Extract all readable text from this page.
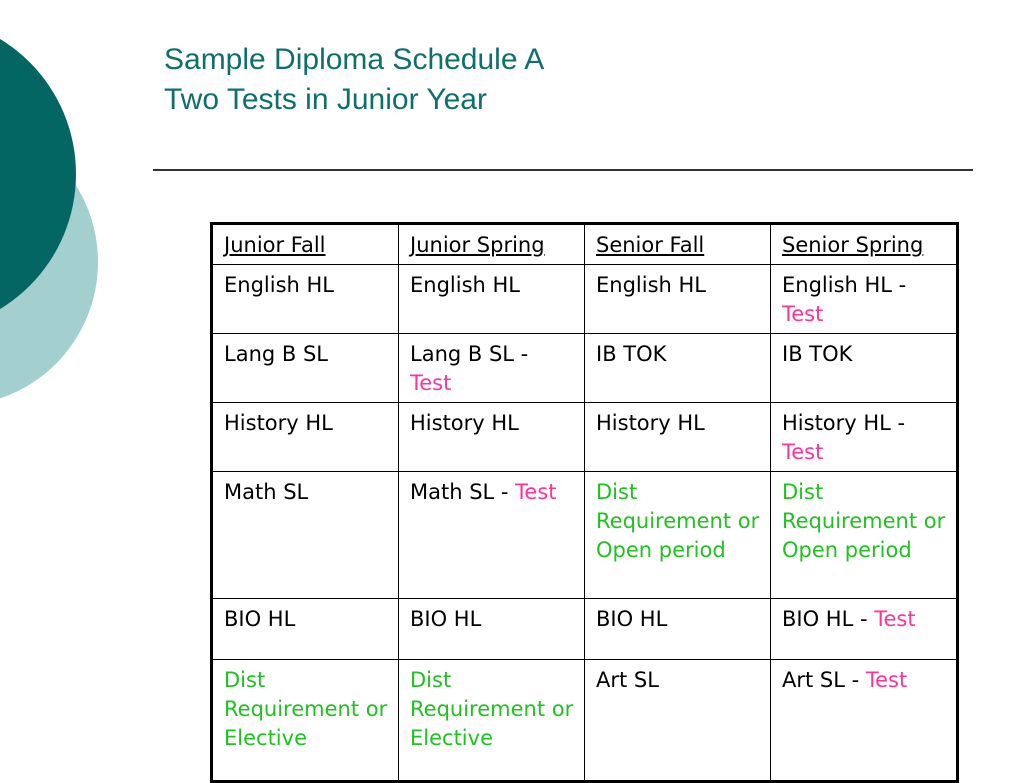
Sample Diploma Schedule A
Two Tests in Junior Year
Junior Fall	Junior Spring	Senior Fall	Senior Spring
English HL	English HL	English HL	English HL - Test
Lang B SL	Lang B SL - Test	IB TOK	IB TOK
History HL	History HL	History HL	History HL - Test
Math SL	Math SL - Test	Dist Requirement or Open period	Dist Requirement or Open period
BIO HL	BIO HL	BIO HL	BIO HL - Test
Dist Requirement or Elective	Dist Requirement or Elective	Art SL	Art SL - Test
